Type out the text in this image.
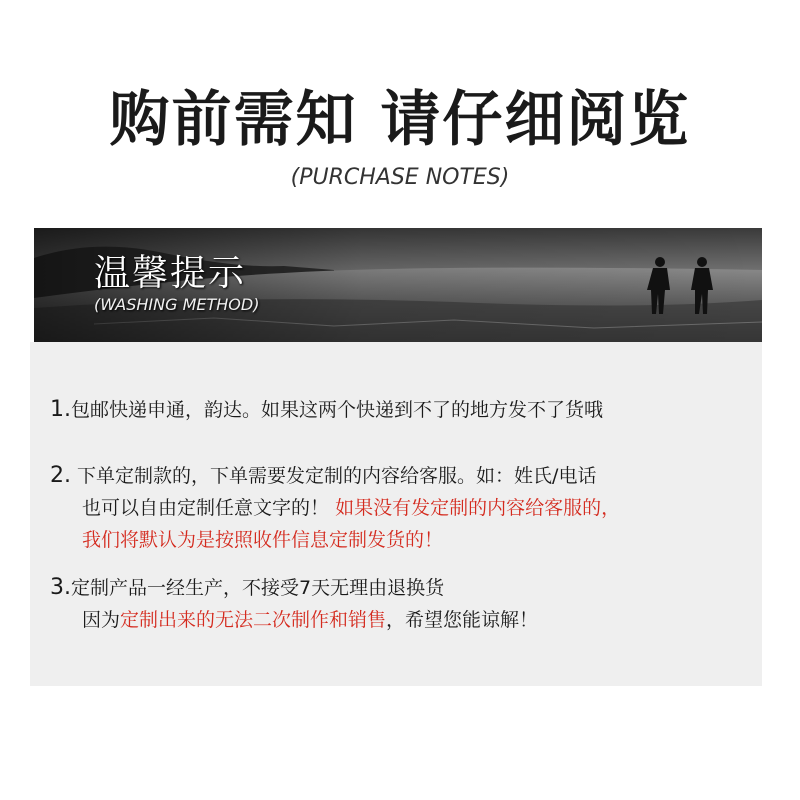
购前需知 请仔细阅览
(PURCHASE NOTES)
温馨提示
(WASHING METHOD)
1.包邮快递申通，韵达。如果这两个快递到不了的地方发不了货哦
2. 下单定制款的，下单需要发定制的内容给客服。如：姓氏/电话
也可以自由定制任意文字的！ 如果没有发定制的内容给客服的，
我们将默认为是按照收件信息定制发货的！
3.定制产品一经生产，不接受7天无理由退换货
因为定制出来的无法二次制作和销售，希望您能谅解！
